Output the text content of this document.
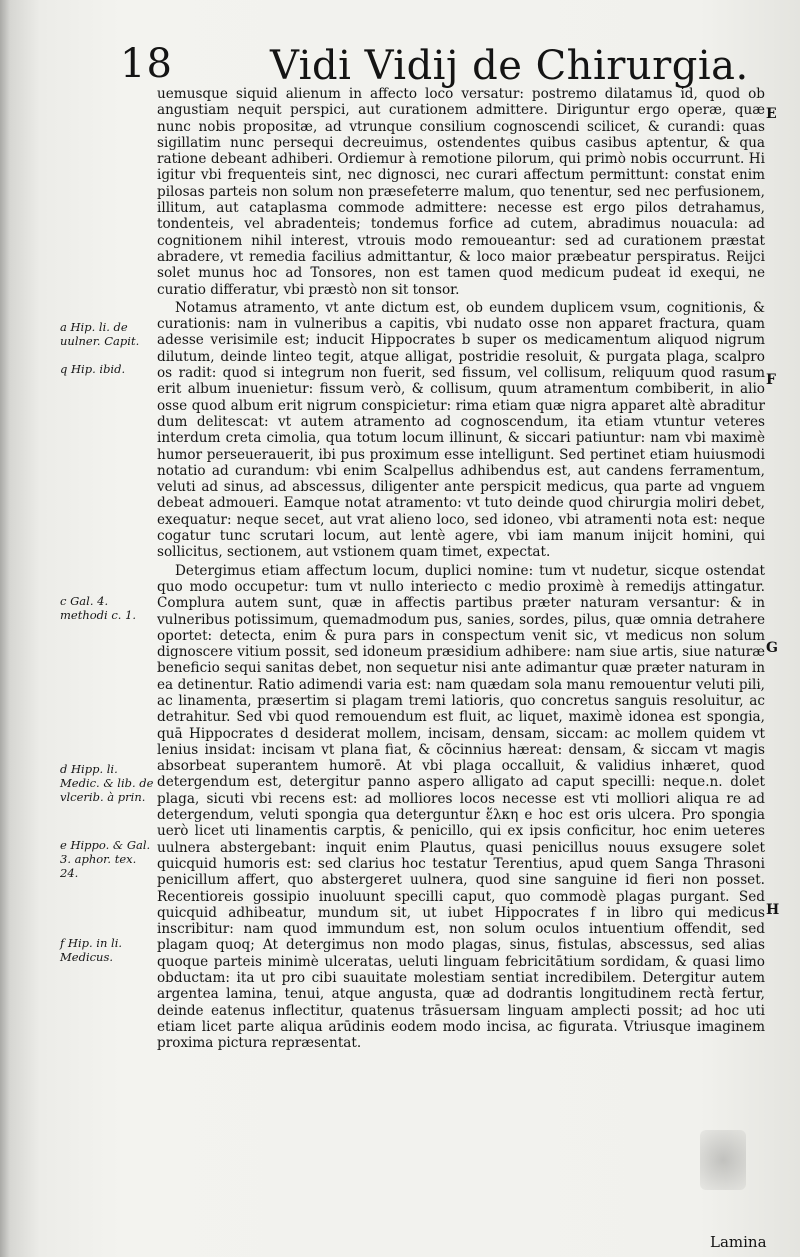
18 Vidi Vidij de Chirurgia.
a Hip. li. de uulner. Capit.
q Hip. ibid.
c Gal. 4. methodi c. 1.
d Hipp. li. Medic. & lib. de vlcerib. à prin.
e Hippo. & Gal. 3. aphor. tex. 24.
f Hip. in li. Medicus.
E
F
G
H

uemusque siquid alienum in affecto loco versatur: postremo dilatamus id, quod ob angustiam nequit perspici, aut curationem admittere. Diriguntur ergo operæ, quæ nunc nobis propositæ, ad vtrunque consilium cognoscendi scilicet, & curandi: quas sigillatim nunc persequi decreuimus, ostendentes quibus casibus aptentur, & qua ratione debeant adhiberi. Ordiemur à remotione pilorum, qui primò nobis occurrunt. Hi igitur vbi frequenteis sint, nec dignosci, nec curari affectum permittunt: constat enim pilosas parteis non solum non præsefeterre malum, quo tenentur, sed nec perfusionem, illitum, aut cataplasma commode admittere: necesse est ergo pilos detrahamus, tondenteis, vel abradenteis; tondemus forfice ad cutem, abradimus nouacula: ad cognitionem nihil interest, vtrouis modo remoueantur: sed ad curationem præstat abradere, vt remedia facilius admittantur, & loco maior præbeatur perspiratus. Reijci solet munus hoc ad Tonsores, non est tamen quod medicum pudeat id exequi, ne curatio differatur, vbi præstò non sit tonsor.

Notamus atramento, vt ante dictum est, ob eundem duplicem vsum, cognitionis, & curationis: nam in vulneribus a capitis, vbi nudato osse non apparet fractura, quam adesse verisimile est; inducit Hippocrates b super os medicamentum aliquod nigrum dilutum, deinde linteo tegit, atque alligat, postridie resoluit, & purgata plaga, scalpro os radit: quod si integrum non fuerit, sed fissum, vel collisum, reliquum quod rasum erit album inuenietur: fissum verò, & collisum, quum atramentum combiberit, in alio osse quod album erit nigrum conspicietur: rima etiam quæ nigra apparet altè abraditur dum delitescat: vt autem atramento ad cognoscendum, ita etiam vtuntur veteres interdum creta cimolia, qua totum locum illinunt, & siccari patiuntur: nam vbi maximè humor perseuerauerit, ibi pus proximum esse intelligunt. Sed pertinet etiam huiusmodi notatio ad curandum: vbi enim Scalpellus adhibendus est, aut candens ferramentum, veluti ad sinus, ad abscessus, diligenter ante perspicit medicus, qua parte ad vnguem debeat admoueri. Eamque notat atramento: vt tuto deinde quod chirurgia moliri debet, exequatur: neque secet, aut vrat alieno loco, sed idoneo, vbi atramenti nota est: neque cogatur tunc scrutari locum, aut lentè agere, vbi iam manum inijcit homini, qui sollicitus, sectionem, aut vstionem quam timet, expectat.

Detergimus etiam affectum locum, duplici nomine: tum vt nudetur, sicque ostendat quo modo occupetur: tum vt nullo interiecto c medio proximè à remedijs attingatur. Complura autem sunt, quæ in affectis partibus præter naturam versantur: & in vulneribus potissimum, quemadmodum pus, sanies, sordes, pilus, quæ omnia detrahere oportet: detecta, enim & pura pars in conspectum venit sic, vt medicus non solum dignoscere vitium possit, sed idoneum præsidium adhibere: nam siue artis, siue naturæ beneficio sequi sanitas debet, non sequetur nisi ante adimantur quæ præter naturam in ea detinentur. Ratio adimendi varia est: nam quædam sola manu remouentur veluti pili, ac linamenta, præsertim si plagam tremi latioris, quo concretus sanguis resoluitur, ac detrahitur. Sed vbi quod remouendum est fluit, ac liquet, maximè idonea est spongia, quā Hippocrates d desiderat mollem, incisam, densam, siccam: ac mollem quidem vt lenius insidat: incisam vt plana fiat, & cõcinnius hæreat: densam, & siccam vt magis absorbeat superantem humorē. At vbi plaga occalluit, & validius inhæret, quod detergendum est, detergitur panno aspero alligato ad caput specilli: neque.n. dolet plaga, sicuti vbi recens est: ad molliores locos necesse est vti molliori aliqua re ad detergendum, veluti spongia qua deterguntur ἕλκη e hoc est oris ulcera. Pro spongia uerò licet uti linamentis carptis, & penicillo, qui ex ipsis conficitur, hoc enim ueteres uulnera abstergebant: inquit enim Plautus, quasi penicillus nouus exsugere solet quicquid humoris est: sed clarius hoc testatur Terentius, apud quem Sanga Thrasoni penicillum affert, quo abstergeret uulnera, quod sine sanguine id fieri non posset. Recentioreis gossipio inuoluunt specilli caput, quo commodè plagas purgant. Sed quicquid adhibeatur, mundum sit, ut iubet Hippocrates f in libro qui medicus inscribitur: nam quod immundum est, non solum oculos intuentium offendit, sed plagam quoq; At detergimus non modo plagas, sinus, fistulas, abscessus, sed alias quoque parteis minimè ulceratas, ueluti linguam febricitātium sordidam, & quasi limo obductam: ita ut pro cibi suauitate molestiam sentiat incredibilem. Detergitur autem argentea lamina, tenui, atque angusta, quæ ad dodrantis longitudinem rectà fertur, deinde eatenus inflectitur, quatenus trāsuersam linguam amplecti possit; ad hoc uti etiam licet parte aliqua arūdinis eodem modo incisa, ac figurata. Vtriusque imaginem proxima pictura repræsentat.

Lamina
